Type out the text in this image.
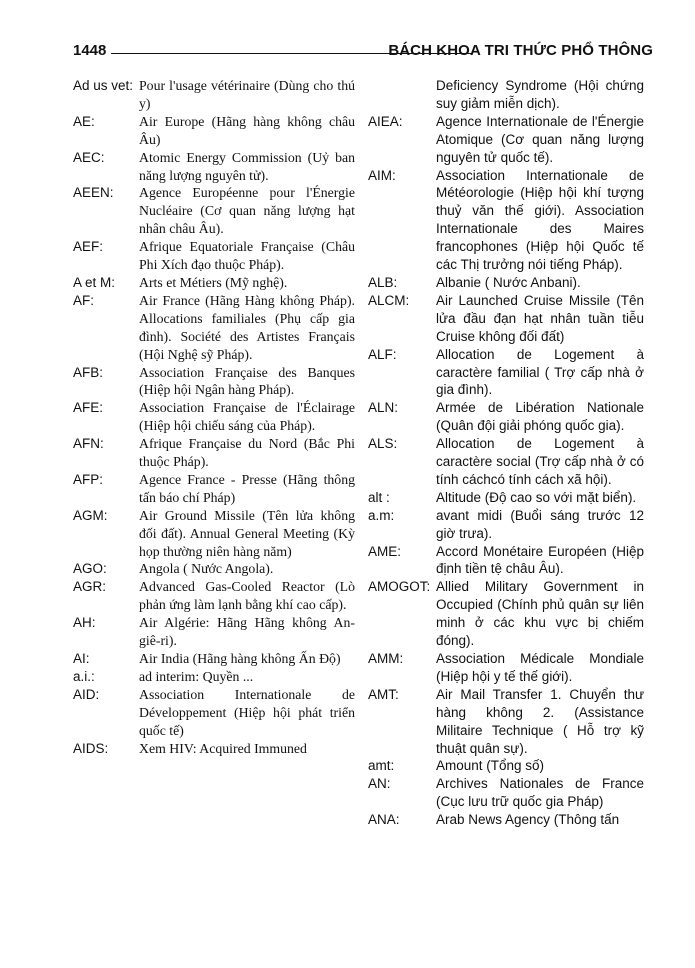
1448	BÁCH KHOA TRI THỨC PHỔ THÔNG
Ad us vet: Pour l'usage vétérinaire (Dùng cho thú y)
AE:	Air Europe (Hãng hàng không châu Âu)
AEC:	Atomic Energy Commission (Uỷ ban năng lượng nguyên tử).
AEEN:	Agence Européenne pour l'Énergie Nucléaire (Cơ quan năng lượng hạt nhân châu Âu).
AEF:	Afrique Equatoriale Française (Châu Phi Xích đạo thuộc Pháp).
A et M:	Arts et Métiers (Mỹ nghệ).
AF:	Air France (Hãng Hàng không Pháp). Allocations familiales (Phụ cấp gia đình). Société des Artistes Français (Hội Nghệ sỹ Pháp).
AFB:	Association Française des Banques (Hiệp hội Ngân hàng Pháp).
AFE:	Association Française de l'Éclairage (Hiệp hội chiếu sáng của Pháp).
AFN:	Afrique Française du Nord (Bắc Phi thuộc Pháp).
AFP:	Agence France - Presse (Hãng thông tấn báo chí Pháp)
AGM:	Air Ground Missile (Tên lửa không đối đất). Annual General Meeting (Kỳ họp thường niên hàng năm)
AGO:	Angola ( Nước Angola).
AGR:	Advanced Gas-Cooled Reactor (Lò phản ứng làm lạnh bằng khí cao cấp).
AH:	Air Algérie: Hãng Hãng không An-giê-ri).
AI:	Air India (Hãng hàng không Ấn Độ)
a.i.:	ad interim: Quyền ...
AID:	Association Internationale de Développement (Hiệp hội phát triển quốc tế)
AIDS:	Xem HIV: Acquired Immuned
Deficiency Syndrome (Hội chứng suy giảm miễn dịch).
AIEA:	Agence Internationale de l'Énergie Atomique (Cơ quan năng lượng nguyên tử quốc tế).
AIM:	Association Internationale de Météorologie (Hiệp hội khí tượng thuỷ văn thế giới). Association Internationale des Maires francophones (Hiệp hội Quốc tế các Thị trưởng nói tiếng Pháp).
ALB:	Albanie ( Nước Anbani).
ALCM:	Air Launched Cruise Missile (Tên lửa đầu đạn hạt nhân tuần tiễu Cruise không đối đất)
ALF:	Allocation de Logement à caractère familial ( Trợ cấp nhà ở gia đình).
ALN:	Armée de Libération Nationale (Quân đội giải phóng quốc gia).
ALS:	Allocation de Logement à caractère social (Trợ cấp nhà ở có tính cáchcó tính cách xã hội).
alt :	Altitude (Độ cao so với mặt biển).
a.m:	avant midi (Buổi sáng trước 12 giờ trưa).
AME:	Accord Monétaire Européen (Hiệp định tiền tệ châu Âu).
AMOGOT: Allied Military Government in Occupied (Chính phủ quân sự liên minh ở các khu vực bị chiếm đóng).
AMM:	Association Médicale Mondiale (Hiệp hội y tế thế giới).
AMT:	Air Mail Transfer 1. Chuyển thư hàng không 2. (Assistance Militaire Technique ( Hỗ trợ kỹ thuật quân sự).
amt:	Amount (Tổng số)
AN:	Archives Nationales de France (Cục lưu trữ quốc gia Pháp)
ANA:	Arab News Agency (Thông tấn
